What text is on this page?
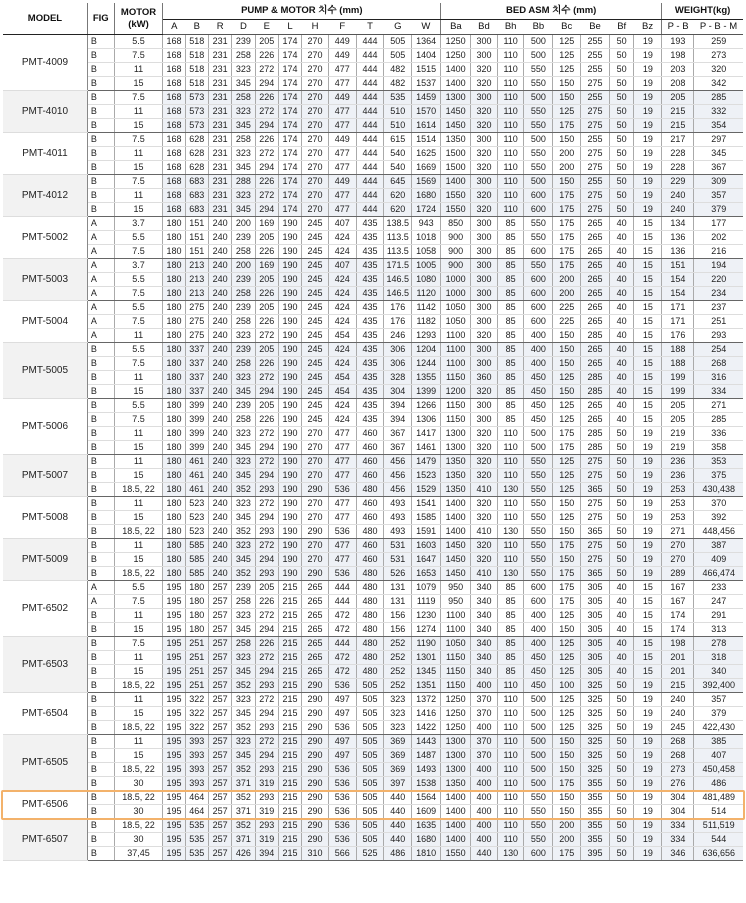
MODEL	FIG	MOTOR
(kW)	PUMP & MOTOR 치수 (mm)											BED ASM 치수 (mm)								WEIGHT(kg)	
			A	B	R	D	E	L	H	F	T	G	W	Ba	Bd	Bh	Bb	Bc	Be	Bf	Bz	P - B	P - B - M
PMT-4009	B	5.5	168	518	231	239	205	174	270	449	444	505	1364	1250	300	110	500	125	255	50	19	193	259
	B	7.5	168	518	231	258	226	174	270	449	444	505	1404	1250	300	110	500	125	255	50	19	198	273
	B	11	168	518	231	323	272	174	270	477	444	482	1515	1400	320	110	550	125	255	50	19	203	320
	B	15	168	518	231	345	294	174	270	477	444	482	1537	1400	320	110	550	150	275	50	19	208	342
PMT-4010	B	7.5	168	573	231	258	226	174	270	449	444	535	1459	1300	300	110	500	150	255	50	19	205	285
	B	11	168	573	231	323	272	174	270	477	444	510	1570	1450	320	110	550	125	275	50	19	215	332
	B	15	168	573	231	345	294	174	270	477	444	510	1614	1450	320	110	550	175	275	50	19	215	354
PMT-4011	B	7.5	168	628	231	258	226	174	270	449	444	615	1514	1350	300	110	500	150	255	50	19	217	297
	B	11	168	628	231	323	272	174	270	477	444	540	1625	1500	320	110	550	200	275	50	19	228	345
	B	15	168	628	231	345	294	174	270	477	444	540	1669	1500	320	110	550	200	275	50	19	228	367
PMT-4012	B	7.5	168	683	231	288	226	174	270	449	444	645	1569	1400	300	110	500	150	255	50	19	229	309
	B	11	168	683	231	323	272	174	270	477	444	620	1680	1550	320	110	600	175	275	50	19	240	357
	B	15	168	683	231	345	294	174	270	477	444	620	1724	1550	320	110	600	175	275	50	19	240	379
PMT-5002	A	3.7	180	151	240	200	169	190	245	407	435	138.5	943	850	300	85	550	175	265	40	15	134	177
	A	5.5	180	151	240	239	205	190	245	424	435	113.5	1018	900	300	85	550	175	265	40	15	136	202
	A	7.5	180	151	240	258	226	190	245	424	435	113.5	1058	900	300	85	600	175	265	40	15	136	216
PMT-5003	A	3.7	180	213	240	200	169	190	245	407	435	171.5	1005	900	300	85	550	175	265	40	15	151	194
	A	5.5	180	213	240	239	205	190	245	424	435	146.5	1080	1000	300	85	600	200	265	40	15	154	220
	A	7.5	180	213	240	258	226	190	245	424	435	146.5	1120	1000	300	85	600	200	265	40	15	154	234
PMT-5004	A	5.5	180	275	240	239	205	190	245	424	435	176	1142	1050	300	85	600	225	265	40	15	171	237
	A	7.5	180	275	240	258	226	190	245	424	435	176	1182	1050	300	85	600	225	265	40	15	171	251
	A	11	180	275	240	323	272	190	245	454	435	246	1293	1100	320	85	400	150	285	40	15	176	293
PMT-5005	B	5.5	180	337	240	239	205	190	245	424	435	306	1204	1100	300	85	400	150	265	40	15	188	254
	B	7.5	180	337	240	258	226	190	245	424	435	306	1244	1100	300	85	400	150	265	40	15	188	268
	B	11	180	337	240	323	272	190	245	454	435	328	1355	1150	360	85	450	125	285	40	15	199	316
	B	15	180	337	240	345	294	190	245	454	435	304	1399	1200	320	85	450	150	285	40	15	199	334
PMT-5006	B	5.5	180	399	240	239	205	190	245	424	435	394	1266	1150	300	85	450	125	265	40	15	205	271
	B	7.5	180	399	240	258	226	190	245	424	435	394	1306	1150	300	85	450	125	265	40	15	205	285
	B	11	180	399	240	323	272	190	270	477	460	367	1417	1300	320	110	500	175	285	50	19	219	336
	B	15	180	399	240	345	294	190	270	477	460	367	1461	1300	320	110	500	175	285	50	19	219	358
PMT-5007	B	11	180	461	240	323	272	190	270	477	460	456	1479	1350	320	110	550	125	275	50	19	236	353
	B	15	180	461	240	345	294	190	270	477	460	456	1523	1350	320	110	550	125	275	50	19	236	375
	B	18.5, 22	180	461	240	352	293	190	290	536	480	456	1529	1350	410	130	550	125	365	50	19	253	430,438
PMT-5008	B	11	180	523	240	323	272	190	270	477	460	493	1541	1400	320	110	550	150	275	50	19	253	370
	B	15	180	523	240	345	294	190	270	477	460	493	1585	1400	320	110	550	125	275	50	19	253	392
	B	18.5, 22	180	523	240	352	293	190	290	536	480	493	1591	1400	410	130	550	150	365	50	19	271	448,456
PMT-5009	B	11	180	585	240	323	272	190	270	477	460	531	1603	1450	320	110	550	175	275	50	19	270	387
	B	15	180	585	240	345	294	190	270	477	460	531	1647	1450	320	110	550	150	275	50	19	270	409
	B	18.5, 22	180	585	240	352	293	190	290	536	480	526	1653	1450	410	130	550	175	365	50	19	289	466,474
PMT-6502	A	5.5	195	180	257	239	205	215	265	444	480	131	1079	950	340	85	600	175	305	40	15	167	233
	A	7.5	195	180	257	258	226	215	265	444	480	131	1119	950	340	85	600	175	305	40	15	167	247
	B	11	195	180	257	323	272	215	265	472	480	156	1230	1100	340	85	400	125	305	40	15	174	291
	B	15	195	180	257	345	294	215	265	472	480	156	1274	1100	340	85	400	150	305	40	15	174	313
PMT-6503	B	7.5	195	251	257	258	226	215	265	444	480	252	1190	1050	340	85	400	125	305	40	15	198	278
	B	11	195	251	257	323	272	215	265	472	480	252	1301	1150	340	85	450	125	305	40	15	201	318
	B	15	195	251	257	345	294	215	265	472	480	252	1345	1150	340	85	450	125	305	40	15	201	340
	B	18.5, 22	195	251	257	352	293	215	290	536	505	252	1351	1150	400	110	450	100	325	50	19	215	392,400
PMT-6504	B	11	195	322	257	323	272	215	290	497	505	323	1372	1250	370	110	500	125	325	50	19	240	357
	B	15	195	322	257	345	294	215	290	497	505	323	1416	1250	370	110	500	125	325	50	19	240	379
	B	18.5, 22	195	322	257	352	293	215	290	536	505	323	1422	1250	400	110	500	125	325	50	19	245	422,430
PMT-6505	B	11	195	393	257	323	272	215	290	497	505	369	1443	1300	370	110	500	150	325	50	19	268	385
	B	15	195	393	257	345	294	215	290	497	505	369	1487	1300	370	110	500	150	325	50	19	268	407
	B	18.5, 22	195	393	257	352	293	215	290	536	505	369	1493	1300	400	110	500	150	325	50	19	273	450,458
	B	30	195	393	257	371	319	215	290	536	505	397	1538	1350	400	110	500	175	355	50	19	276	486
PMT-6506	B	18.5, 22	195	464	257	352	293	215	290	536	505	440	1564	1400	400	110	550	150	355	50	19	304	481,489
	B	30	195	464	257	371	319	215	290	536	505	440	1609	1400	400	110	550	150	355	50	19	304	514
PMT-6507	B	18.5, 22	195	535	257	352	293	215	290	536	505	440	1635	1400	400	110	550	200	355	50	19	334	511,519
	B	30	195	535	257	371	319	215	290	536	505	440	1680	1400	400	110	550	200	355	50	19	334	544
	B	37,45	195	535	257	426	394	215	310	566	525	486	1810	1550	440	130	600	175	395	50	19	346	636,656
